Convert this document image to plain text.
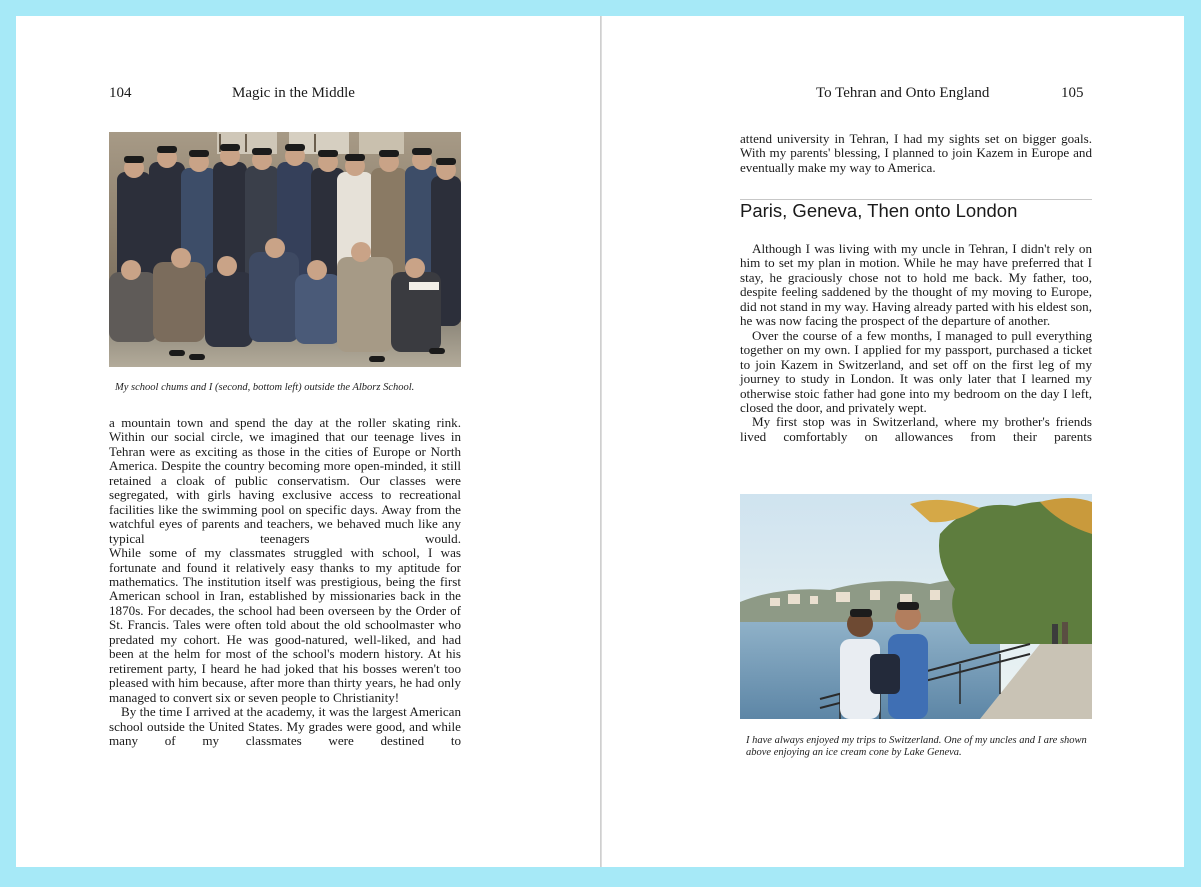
104	Magic in the Middle
My school chums and I (second, bottom left) outside the Alborz School.

a mountain town and spend the day at the roller skating rink. Within our social circle, we imagined that our teenage lives in Tehran were as exciting as those in the cities of Europe or North America. Despite the country becoming more open-minded, it still retained a cloak of public conservatism. Our classes were segregated, with girls having exclusive access to recreational facilities like the swimming pool on specific days. Away from the watchful eyes of parents and teachers, we behaved much like any typical teenagers would.

While some of my classmates struggled with school, I was fortunate and found it relatively easy thanks to my aptitude for mathematics. The institution itself was prestigious, being the first American school in Iran, established by missionaries back in the 1870s. For decades, the school had been overseen by the Order of St. Francis. Tales were often told about the old schoolmaster who predated my cohort. He was good-natured, well-liked, and had been at the helm for most of the school's modern history. At his retirement party, I heard he had joked that his bosses weren't too pleased with him because, after more than thirty years, he had only managed to convert six or seven people to Christianity!

By the time I arrived at the academy, it was the largest American school outside the United States. My grades were good, and while many of my classmates were destined to

To Tehran and Onto England	105

attend university in Tehran, I had my sights set on bigger goals. With my parents' blessing, I planned to join Kazem in Europe and eventually make my way to America.

Paris, Geneva, Then onto London

Although I was living with my uncle in Tehran, I didn't rely on him to set my plan in motion. While he may have preferred that I stay, he graciously chose not to hold me back. My father, too, despite feeling saddened by the thought of my moving to Europe, did not stand in my way. Having already parted with his eldest son, he was now facing the prospect of the departure of another.

Over the course of a few months, I managed to pull everything together on my own. I applied for my passport, purchased a ticket to join Kazem in Switzerland, and set off on the first leg of my journey to study in London. It was only later that I learned my otherwise stoic father had gone into my bedroom on the day I left, closed the door, and privately wept.

My first stop was in Switzerland, where my brother's friends lived comfortably on allowances from their parents

I have always enjoyed my trips to Switzerland. One of my uncles and I are shown above enjoying an ice cream cone by Lake Geneva.
